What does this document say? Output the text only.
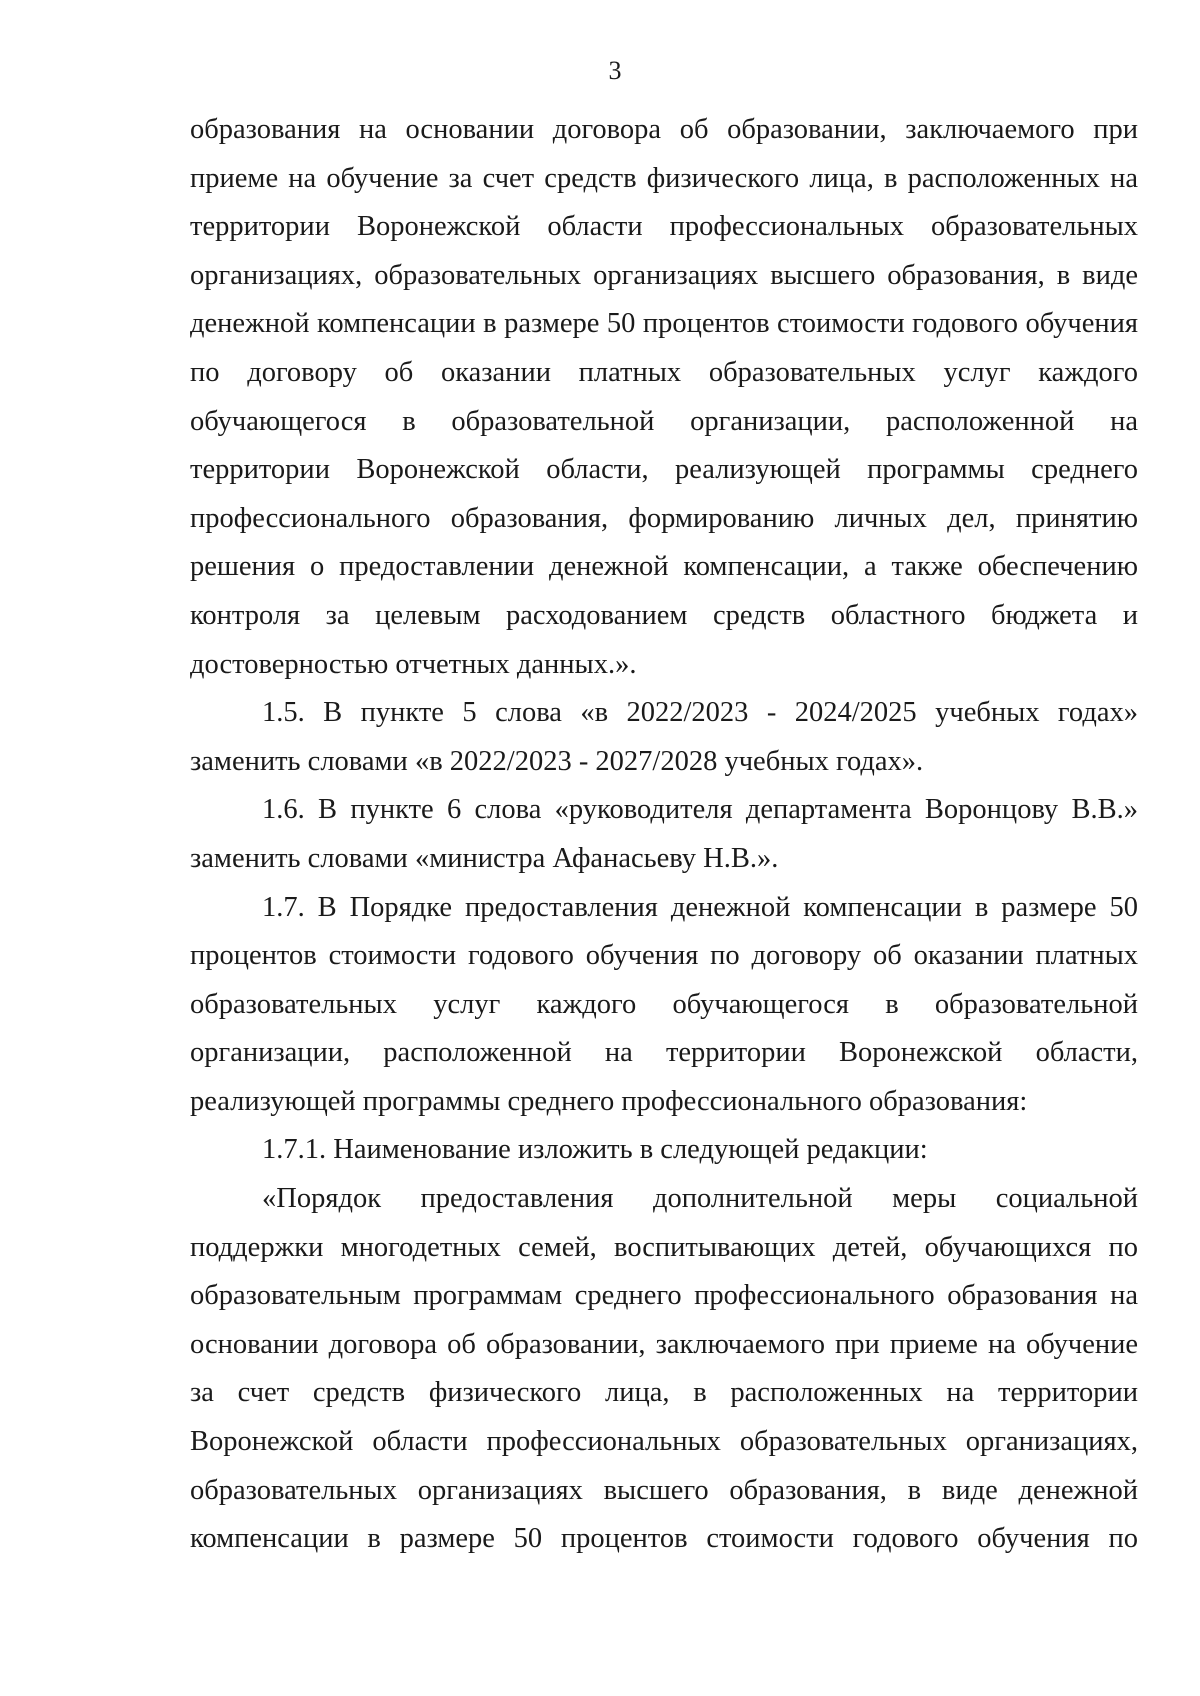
3

образования на основании договора об образовании, заключаемого при
приеме на обучение за счет средств физического лица, в расположенных на
территории Воронежской области профессиональных образовательных
организациях, образовательных организациях высшего образования, в виде
денежной компенсации в размере 50 процентов стоимости годового обучения
по договору об оказании платных образовательных услуг каждого
обучающегося в образовательной организации, расположенной на
территории Воронежской области, реализующей программы среднего
профессионального образования, формированию личных дел, принятию
решения о предоставлении денежной компенсации, а также обеспечению
контроля за целевым расходованием средств областного бюджета и
достоверностью отчетных данных.».

1.5. В пункте 5 слова «в 2022/2023 - 2024/2025 учебных годах»
заменить словами «в 2022/2023 - 2027/2028 учебных годах».

1.6. В пункте 6 слова «руководителя департамента Воронцову В.В.»
заменить словами «министра Афанасьеву Н.В.».

1.7. В Порядке предоставления денежной компенсации в размере 50
процентов стоимости годового обучения по договору об оказании платных
образовательных услуг каждого обучающегося в образовательной
организации, расположенной на территории Воронежской области,
реализующей программы среднего профессионального образования:

1.7.1. Наименование изложить в следующей редакции:

«Порядок предоставления дополнительной меры социальной
поддержки многодетных семей, воспитывающих детей, обучающихся по
образовательным программам среднего профессионального образования на
основании договора об образовании, заключаемого при приеме на обучение
за счет средств физического лица, в расположенных на территории
Воронежской области профессиональных образовательных организациях,
образовательных организациях высшего образования, в виде денежной
компенсации в размере 50 процентов стоимости годового обучения по
